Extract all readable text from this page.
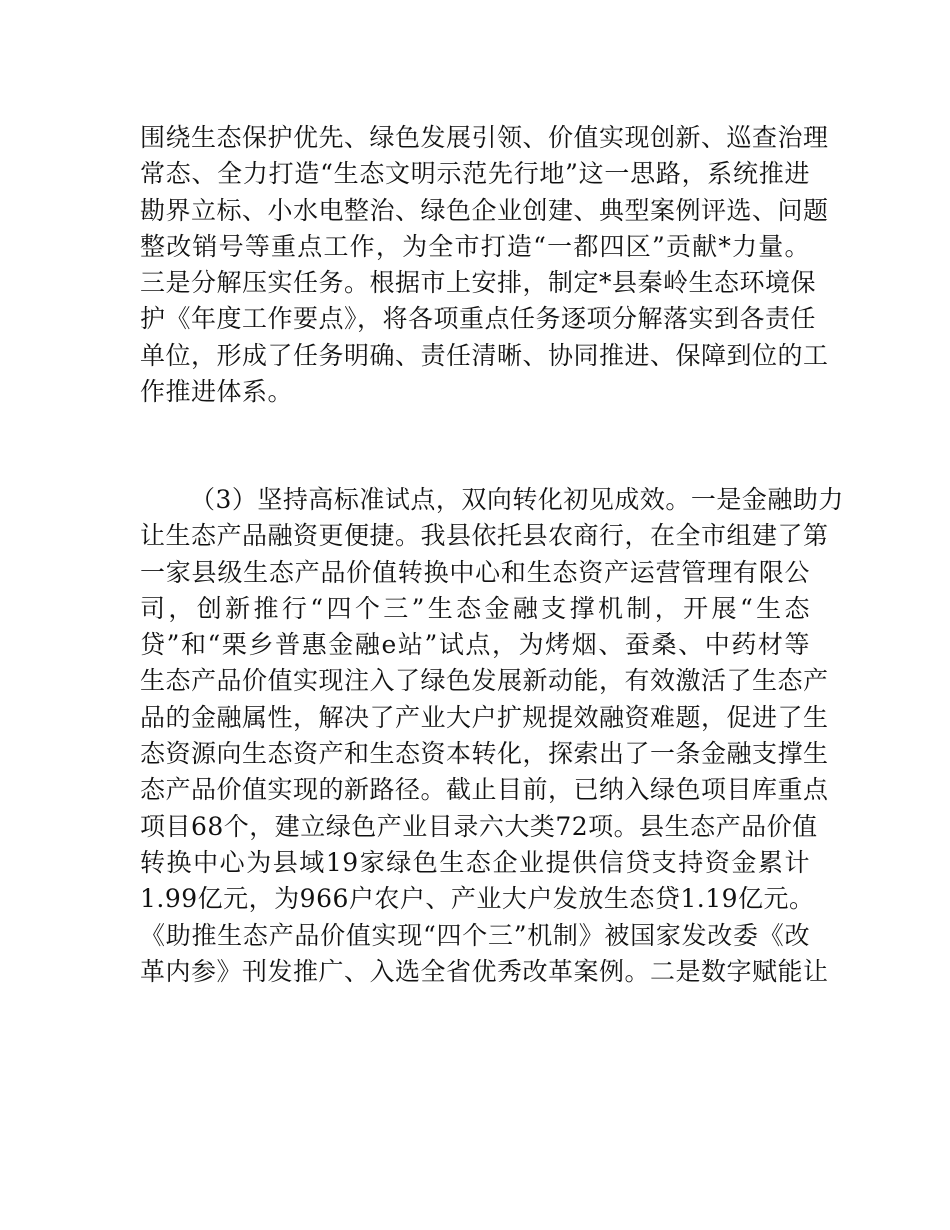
围绕生态保护优先、绿色发展引领、价值实现创新、巡查治理
常态、全力打造“生态文明示范先行地”这一思路，系统推进
勘界立标、小水电整治、绿色企业创建、典型案例评选、问题
整改销号等重点工作，为全市打造“一都四区”贡献*力量。
三是分解压实任务。根据市上安排，制定*县秦岭生态环境保
护《年度工作要点》，将各项重点任务逐项分解落实到各责任
单位，形成了任务明确、责任清晰、协同推进、保障到位的工
作推进体系。
（3）坚持高标准试点，双向转化初见成效。一是金融助力
让生态产品融资更便捷。我县依托县农商行，在全市组建了第
一家县级生态产品价值转换中心和生态资产运营管理有限公
司，创新推行“四个三”生态金融支撑机制，开展“生态
贷”和“栗乡普惠金融e站”试点，为烤烟、蚕桑、中药材等
生态产品价值实现注入了绿色发展新动能，有效激活了生态产
品的金融属性，解决了产业大户扩规提效融资难题，促进了生
态资源向生态资产和生态资本转化，探索出了一条金融支撑生
态产品价值实现的新路径。截止目前，已纳入绿色项目库重点
项目68个，建立绿色产业目录六大类72项。县生态产品价值
转换中心为县域19家绿色生态企业提供信贷支持资金累计
1.99亿元，为966户农户、产业大户发放生态贷1.19亿元。
《助推生态产品价值实现“四个三”机制》被国家发改委《改
革内参》刊发推广、入选全省优秀改革案例。二是数字赋能让
